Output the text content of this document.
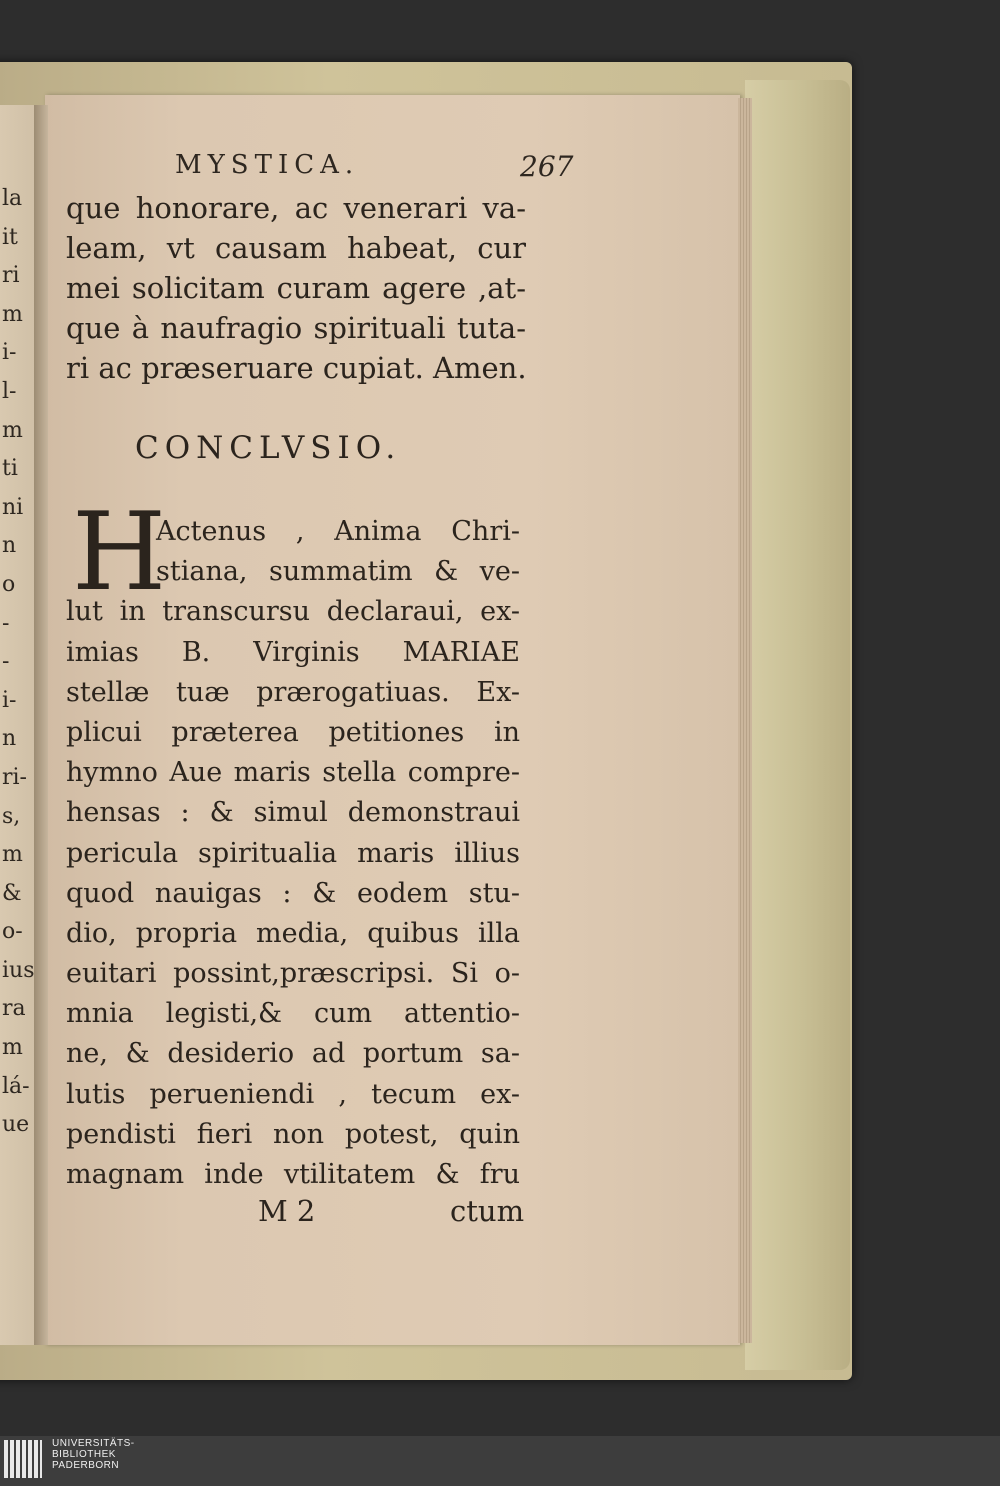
la
it
ri
m
i-
l-
m
ti
ni
n
o
-
-
i-
n
ri-
s,
m
&
o-
ius
ra
m
lá-
ue
MYSTICA.	267
que honorare, ac venerari va-
leam, vt causam habeat, cur
mei solicitam curam agere ,at-
que à naufragio spirituali tuta-
ri ac præseruare cupiat. Amen.
CONCLVSIO.
H
Actenus , Anima Chri-
stiana, summatim & ve-
lut in transcursu declaraui, ex-
imias B. Virginis MARIAE
stellæ tuæ prærogatiuas. Ex-
plicui præterea petitiones in
hymno Aue maris stella compre-
hensas : & simul demonstraui
pericula spiritualia maris illius
quod nauigas : & eodem stu-
dio, propria media, quibus illa
euitari possint,præscripsi. Si o-
mnia legisti,& cum attentio-
ne, & desiderio ad portum sa-
lutis perueniendi , tecum ex-
pendisti fieri non potest, quin
magnam inde vtilitatem & fru
M 2	ctum
UNIVERSITÄTS-
BIBLIOTHEK
PADERBORN
